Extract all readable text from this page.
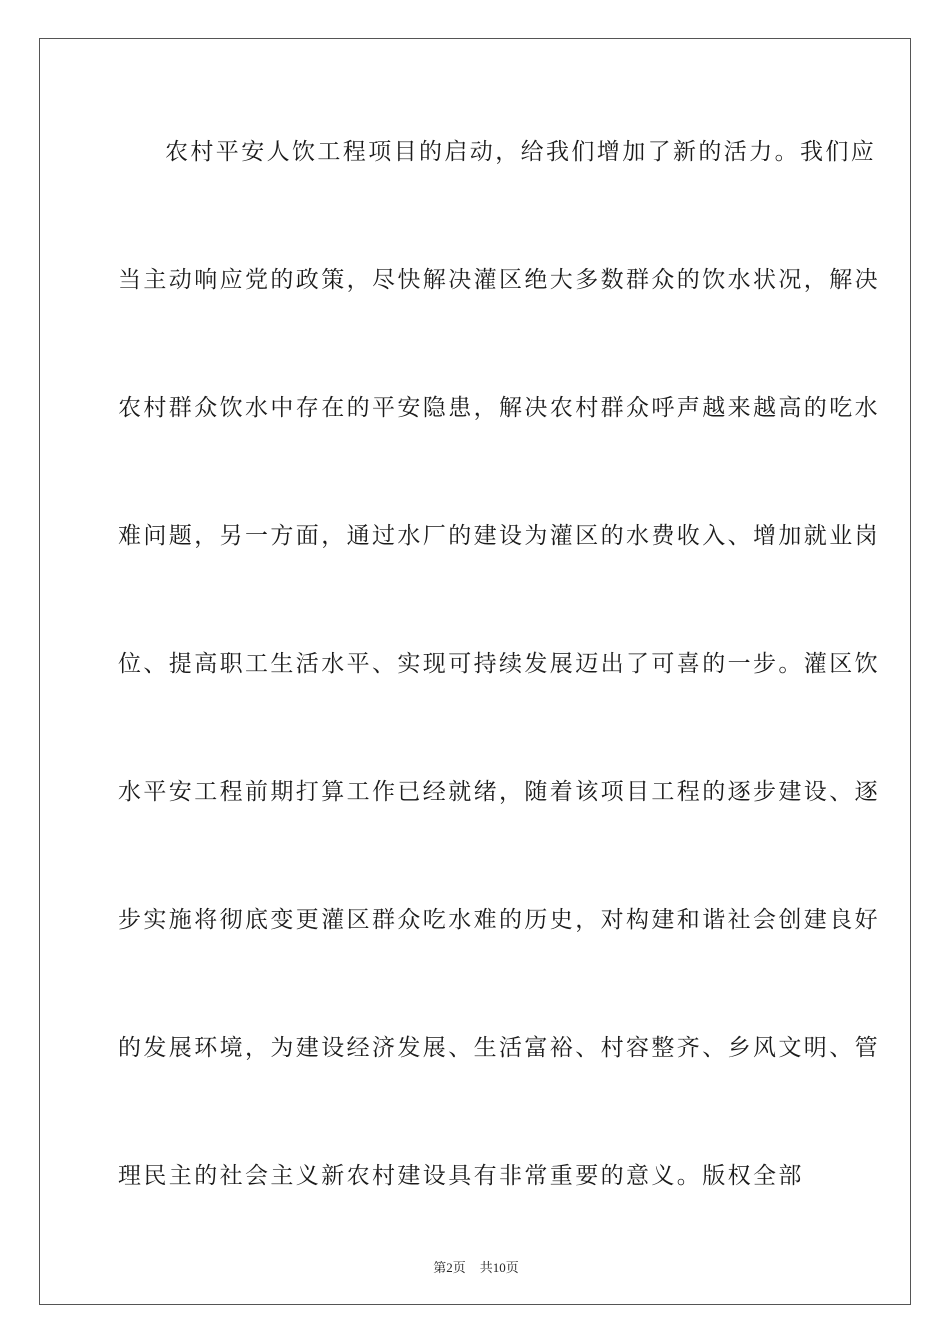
农村平安人饮工程项目的启动，给我们增加了新的活力。我们应
当主动响应党的政策，尽快解决灌区绝大多数群众的饮水状况，解决
农村群众饮水中存在的平安隐患，解决农村群众呼声越来越高的吃水
难问题，另一方面，通过水厂的建设为灌区的水费收入、增加就业岗
位、提高职工生活水平、实现可持续发展迈出了可喜的一步。灌区饮
水平安工程前期打算工作已经就绪，随着该项目工程的逐步建设、逐
步实施将彻底变更灌区群众吃水难的历史，对构建和谐社会创建良好
的发展环境，为建设经济发展、生活富裕、村容整齐、乡风文明、管
理民主的社会主义新农村建设具有非常重要的意义。版权全部
第2页 共10页
